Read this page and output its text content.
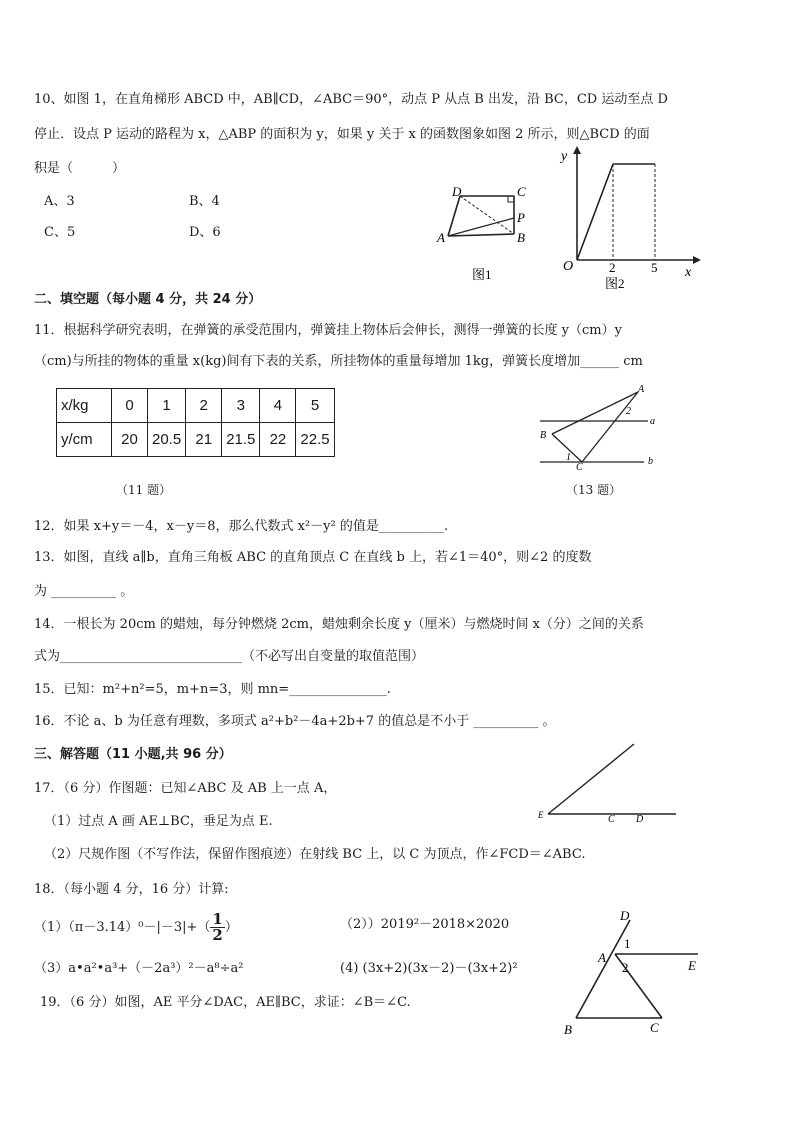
10、如图 1，在直角梯形 ABCD 中，AB∥CD，∠ABC＝90°，动点 P 从点 B 出发，沿 BC，CD 运动至点 D
停止．设点 P 运动的路程为 x，△ABP 的面积为 y，如果 y 关于 x 的函数图象如图 2 所示，则△BCD 的面
积是（　　　）
A、3	B、4
C、5	D、6
D	C
P
A	B
图1
y
x
O	2	5
图2
二、填空题（每小题 4 分，共 24 分）
11．根据科学研究表明，在弹簧的承受范围内，弹簧挂上物体后会伸长，测得一弹簧的长度 y（cm）y
（cm)与所挂的物体的重量 x(kg)间有下表的关系，所挂物体的重量每增加 1kg，弹簧长度增加______ cm
x/kg	0	1	2	3	4	5
y/cm	20	20.5	21	21.5	22	22.5
（11 题）
A
2
a
B
1
C
b
（13 题）
12．如果 x+y＝－4，x－y＝8，那么代数式 x²－y² 的值是__________.
13．如图，直线 a∥b，直角三角板 ABC 的直角顶点 C 在直线 b 上，若∠1＝40°，则∠2 的度数
为 __________ 。
14．一根长为 20cm 的蜡烛，每分钟燃烧 2cm，蜡烛剩余长度 y（厘米）与燃烧时间 x（分）之间的关系
式为____________________________（不必写出自变量的取值范围）
15．已知：m²+n²=5，m+n=3，则 mn=_______________.
16．不论 a、b 为任意有理数，多项式 a²+b²－4a+2b+7 的值总是不小于 __________ 。
三、解答题（11 小题,共 96 分）
17．（6 分）作图题：已知∠ABC 及 AB 上一点 A，
（1）过点 A 画 AE⊥BC，垂足为点 E.
（2）尺规作图（不写作法，保留作图痕迹）在射线 BC 上，以 C 为顶点，作∠FCD＝∠ABC.
E	C D
18．（每小题 4 分，16 分）计算:
$(1)(\pi-3.14)^0-|-3|+( \frac{1}{2}$ ）	（2））2019²－2018×2020
（3）a•a²•a³+（－2a³）²－a⁸÷a²	(4) (3x+2)(3x－2)－(3x+2)²
D
1
A
2	E
B	C
19．（6 分）如图，AE 平分∠DAC，AE∥BC，求证：∠B＝∠C.
